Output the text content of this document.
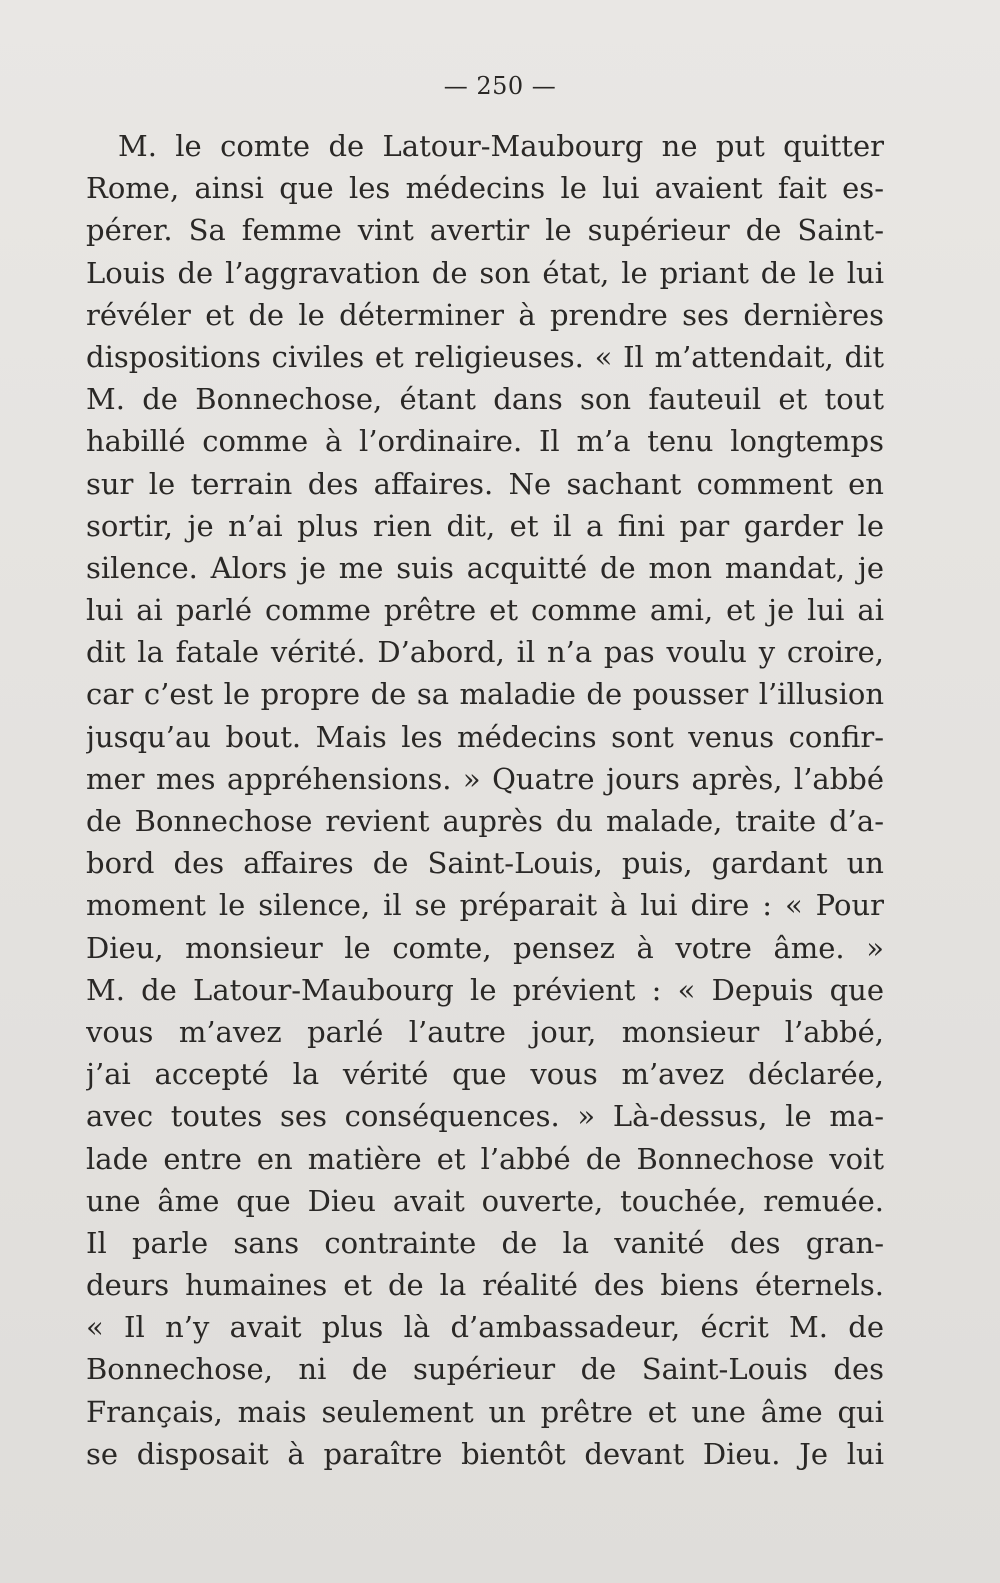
— 250 —
M. le comte de Latour-Maubourg ne put quitter
Rome, ainsi que les médecins le lui avaient fait es-
pérer. Sa femme vint avertir le supérieur de Saint-
Louis de l’aggravation de son état, le priant de le lui
révéler et de le déterminer à prendre ses dernières
dispositions civiles et religieuses. « Il m’attendait, dit
M. de Bonnechose, étant dans son fauteuil et tout
habillé comme à l’ordinaire. Il m’a tenu longtemps
sur le terrain des affaires. Ne sachant comment en
sortir, je n’ai plus rien dit, et il a fini par garder le
silence. Alors je me suis acquitté de mon mandat, je
lui ai parlé comme prêtre et comme ami, et je lui ai
dit la fatale vérité. D’abord, il n’a pas voulu y croire,
car c’est le propre de sa maladie de pousser l’illusion
jusqu’au bout. Mais les médecins sont venus confir-
mer mes appréhensions. » Quatre jours après, l’abbé
de Bonnechose revient auprès du malade, traite d’a-
bord des affaires de Saint-Louis, puis, gardant un
moment le silence, il se préparait à lui dire : « Pour
Dieu, monsieur le comte, pensez à votre âme. »
M. de Latour-Maubourg le prévient : « Depuis que
vous m’avez parlé l’autre jour, monsieur l’abbé,
j’ai accepté la vérité que vous m’avez déclarée,
avec toutes ses conséquences. » Là-dessus, le ma-
lade entre en matière et l’abbé de Bonnechose voit
une âme que Dieu avait ouverte, touchée, remuée.
Il parle sans contrainte de la vanité des gran-
deurs humaines et de la réalité des biens éternels.
« Il n’y avait plus là d’ambassadeur, écrit M. de
Bonnechose, ni de supérieur de Saint-Louis des
Français, mais seulement un prêtre et une âme qui
se disposait à paraître bientôt devant Dieu. Je lui
